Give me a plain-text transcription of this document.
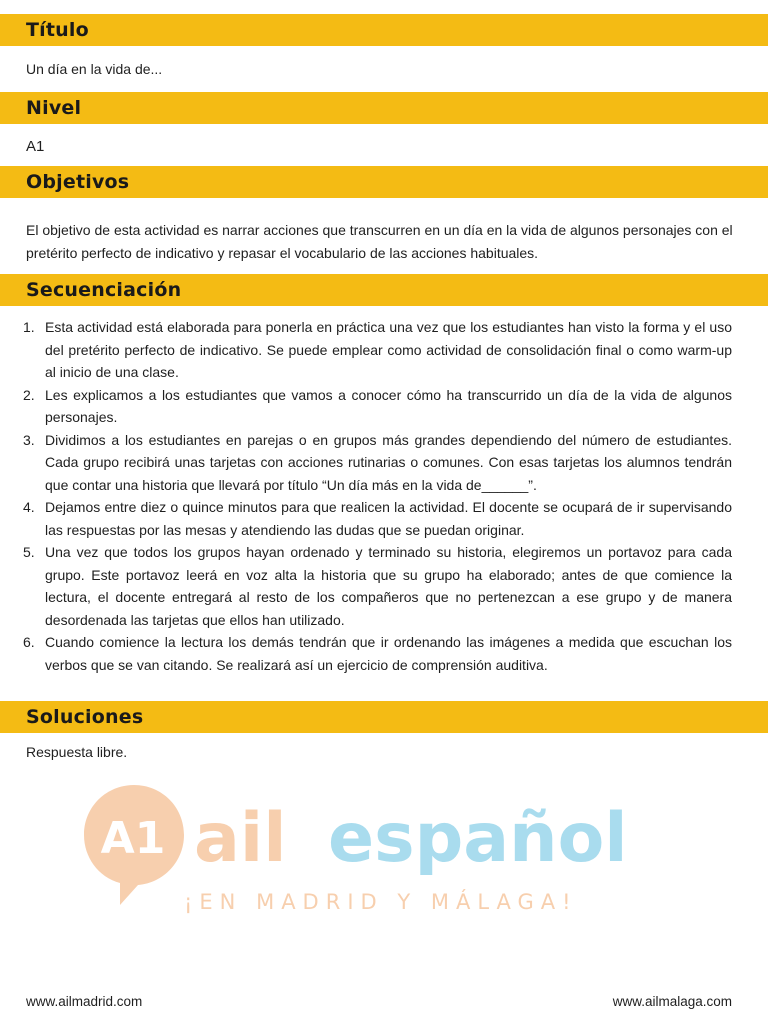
Título

Un día en la vida de...

Nivel

A1

Objetivos

El objetivo de esta actividad es narrar acciones que transcurren en un día en la vida de algunos personajes con el pretérito perfecto de indicativo y repasar el vocabulario de las acciones habituales.

Secuenciación
1. Esta actividad está elaborada para ponerla en práctica una vez que los estudiantes han visto la forma y el uso del pretérito perfecto de indicativo. Se puede emplear como actividad de consolidación final o como warm-up al inicio de una clase.
2. Les explicamos a los estudiantes que vamos a conocer cómo ha transcurrido un día de la vida de algunos personajes.
3. Dividimos a los estudiantes en parejas o en grupos más grandes dependiendo del número de estudiantes. Cada grupo recibirá unas tarjetas con acciones rutinarias o comunes. Con esas tarjetas los alumnos tendrán que contar una historia que llevará por título “Un día más en la vida de______”.
4. Dejamos entre diez o quince minutos para que realicen la actividad. El docente se ocupará de ir supervisando las respuestas por las mesas y atendiendo las dudas que se puedan originar.
5. Una vez que todos los grupos hayan ordenado y terminado su historia, elegiremos un portavoz para cada grupo. Este portavoz leerá en voz alta la historia que su grupo ha elaborado; antes de que comience la lectura, el docente entregará al resto de los compañeros que no pertenezcan a ese grupo y de manera desordenada las tarjetas que ellos han utilizado.
6. Cuando comience la lectura los demás tendrán que ir ordenando las imágenes a medida que escuchan los verbos que se van citando. Se realizará así un ejercicio de comprensión auditiva.
Soluciones

Respuesta libre.

A1 ail español
¡EN MADRID Y MÁLAGA!
www.ailmadrid.com	www.ailmalaga.com
